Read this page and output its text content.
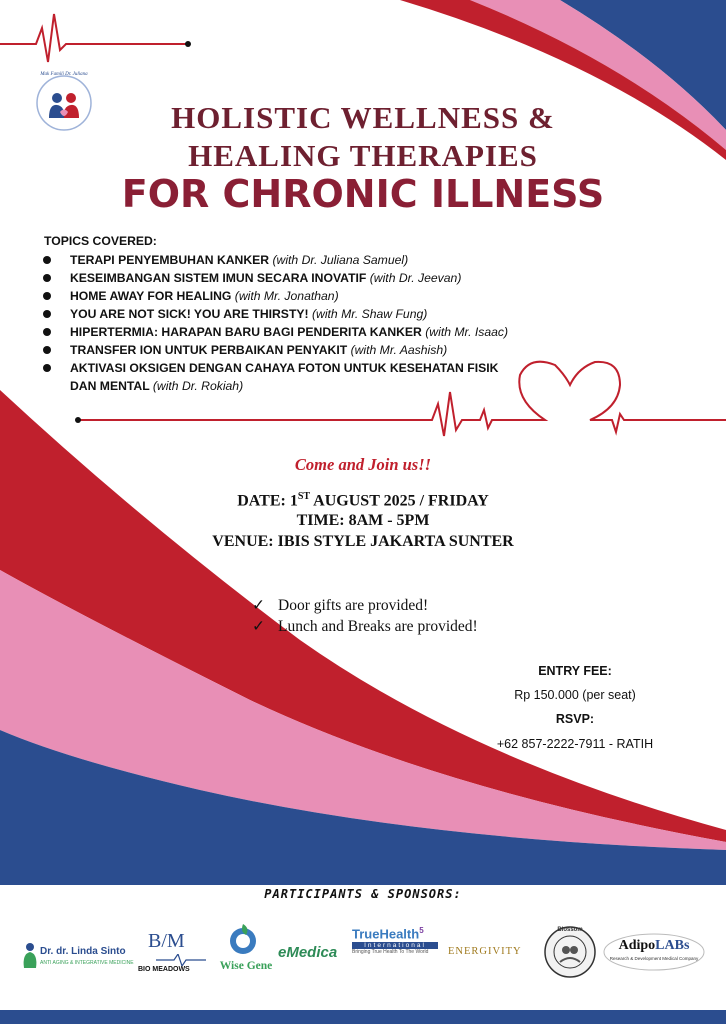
Mak Famili Dr. Juliana
HOLISTIC WELLNESS &
HEALING THERAPIES
FOR CHRONIC ILLNESS
TOPICS COVERED:
TERAPI PENYEMBUHAN KANKER (with Dr. Juliana Samuel)
KESEIMBANGAN SISTEM IMUN SECARA INOVATIF (with Dr. Jeevan)
HOME AWAY FOR HEALING (with Mr. Jonathan)
YOU ARE NOT SICK! YOU ARE THIRSTY! (with Mr. Shaw Fung)
HIPERTERMIA: HARAPAN BARU BAGI PENDERITA KANKER (with Mr. Isaac)
TRANSFER ION UNTUK PERBAIKAN PENYAKIT (with Mr. Aashish)
AKTIVASI OKSIGEN DENGAN CAHAYA FOTON UNTUK KESEHATAN FISIK
DAN MENTAL (with Dr. Rokiah)
Come and Join us!!
DATE: 1ST AUGUST 2025 / FRIDAY
TIME: 8AM - 5PM
VENUE: IBIS STYLE JAKARTA SUNTER
✓ Door gifts are provided!
✓ Lunch and Breaks are provided!
ENTRY FEE:
Rp 150.000 (per seat)
RSVP:
+62 857-2222-7911 - RATIH
PARTICIPANTS & SPONSORS:
Dr. dr. Linda Sinto
ANTI AGING & INTEGRATIVE MEDICINE
B/M
BIO MEADOWS	Wise Gene
eMedica
TrueHealth$^5$
International
Bringing True Health To The World	ENERGIVITY
Blossom
AdipoLABs
Research & Development Medical Company
